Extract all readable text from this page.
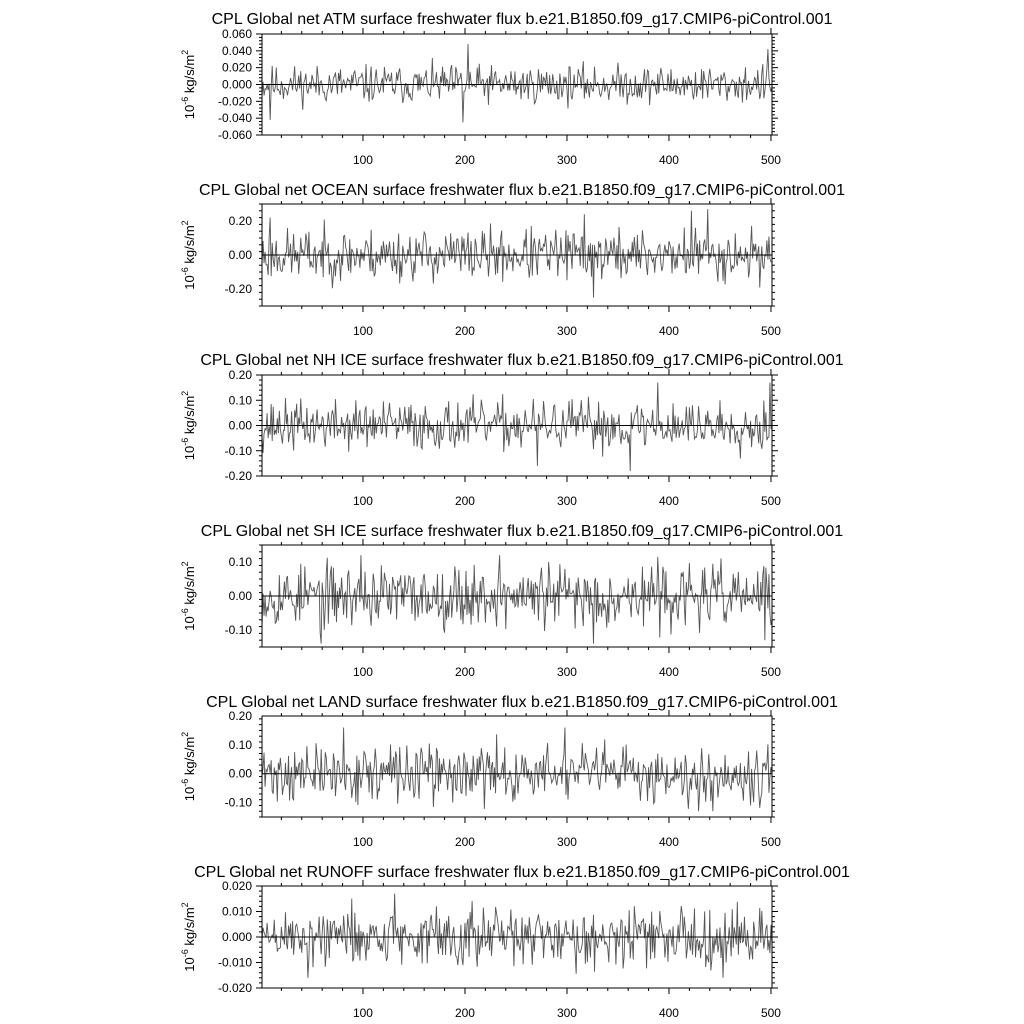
CPL Global net ATM surface freshwater flux b.e21.B1850.f09_g17.CMIP6-piControl.001
$10^{-6}$ $kg/s/m^2$
100	200	300	400	500
-0.060
-0.040
-0.020
0.000
0.020
0.040
0.060
CPL Global net OCEAN surface freshwater flux b.e21.B1850.f09_g17.CMIP6-piControl.001
$10^{-6}$ $kg/s/m^2$
100	200	300	400	500
-0.20
0.00
0.20
CPL Global net NH ICE surface freshwater flux b.e21.B1850.f09_g17.CMIP6-piControl.001
$10^{-6}$ $kg/s/m^2$
100	200	300	400	500
-0.20
-0.10
0.00
0.10
0.20
CPL Global net SH ICE surface freshwater flux b.e21.B1850.f09_g17.CMIP6-piControl.001
$10^{-6}$ $kg/s/m^2$
100	200	300	400	500
-0.10
0.00
0.10
CPL Global net LAND surface freshwater flux b.e21.B1850.f09_g17.CMIP6-piControl.001
$10^{-6}$ $kg/s/m^2$
100	200	300	400	500
-0.10
0.00
0.10
0.20
CPL Global net RUNOFF surface freshwater flux b.e21.B1850.f09_g17.CMIP6-piControl.001
$10^{-6}$ $kg/s/m^2$
100	200	300	400	500
-0.020
-0.010
0.000
0.010
0.020
